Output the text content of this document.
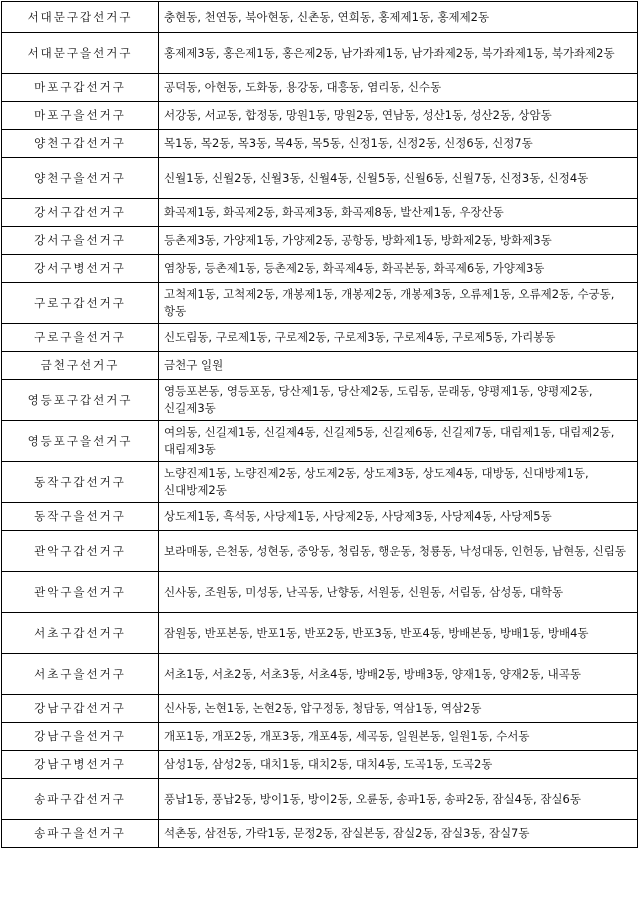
서대문구갑선거구	충현동, 천연동, 북아현동, 신촌동, 연희동, 홍제제1동, 홍제제2동
서대문구을선거구	홍제제3동, 홍은제1동, 홍은제2동, 남가좌제1동, 남가좌제2동, 북가좌제1동, 북가좌제2동
마포구갑선거구	공덕동, 아현동, 도화동, 용강동, 대흥동, 염리동, 신수동
마포구을선거구	서강동, 서교동, 합정동, 망원1동, 망원2동, 연남동, 성산1동, 성산2동, 상암동
양천구갑선거구	목1동, 목2동, 목3동, 목4동, 목5동, 신정1동, 신정2동, 신정6동, 신정7동
양천구을선거구	신월1동, 신월2동, 신월3동, 신월4동, 신월5동, 신월6동, 신월7동, 신정3동, 신정4동
강서구갑선거구	화곡제1동, 화곡제2동, 화곡제3동, 화곡제8동, 발산제1동, 우장산동
강서구을선거구	등촌제3동, 가양제1동, 가양제2동, 공항동, 방화제1동, 방화제2동, 방화제3동
강서구병선거구	염창동, 등촌제1동, 등촌제2동, 화곡제4동, 화곡본동, 화곡제6동, 가양제3동
구로구갑선거구	고척제1동, 고척제2동, 개봉제1동, 개봉제2동, 개봉제3동, 오류제1동, 오류제2동, 수궁동, 항동
구로구을선거구	신도림동, 구로제1동, 구로제2동, 구로제3동, 구로제4동, 구로제5동, 가리봉동
금천구선거구	금천구 일원
영등포구갑선거구	영등포본동, 영등포동, 당산제1동, 당산제2동, 도림동, 문래동, 양평제1동, 양평제2동, 신길제3동
영등포구을선거구	여의동, 신길제1동, 신길제4동, 신길제5동, 신길제6동, 신길제7동, 대림제1동, 대림제2동, 대림제3동
동작구갑선거구	노량진제1동, 노량진제2동, 상도제2동, 상도제3동, 상도제4동, 대방동, 신대방제1동, 신대방제2동
동작구을선거구	상도제1동, 흑석동, 사당제1동, 사당제2동, 사당제3동, 사당제4동, 사당제5동
관악구갑선거구	보라매동, 은천동, 성현동, 중앙동, 청림동, 행운동, 청룡동, 낙성대동, 인헌동, 남현동, 신림동
관악구을선거구	신사동, 조원동, 미성동, 난곡동, 난향동, 서원동, 신원동, 서림동, 삼성동, 대학동
서초구갑선거구	잠원동, 반포본동, 반포1동, 반포2동, 반포3동, 반포4동, 방배본동, 방배1동, 방배4동
서초구을선거구	서초1동, 서초2동, 서초3동, 서초4동, 방배2동, 방배3동, 양재1동, 양재2동, 내곡동
강남구갑선거구	신사동, 논현1동, 논현2동, 압구정동, 청담동, 역삼1동, 역삼2동
강남구을선거구	개포1동, 개포2동, 개포3동, 개포4동, 세곡동, 일원본동, 일원1동, 수서동
강남구병선거구	삼성1동, 삼성2동, 대치1동, 대치2동, 대치4동, 도곡1동, 도곡2동
송파구갑선거구	풍납1동, 풍납2동, 방이1동, 방이2동, 오륜동, 송파1동, 송파2동, 잠실4동, 잠실6동
송파구을선거구	석촌동, 삼전동, 가락1동, 문정2동, 잠실본동, 잠실2동, 잠실3동, 잠실7동
